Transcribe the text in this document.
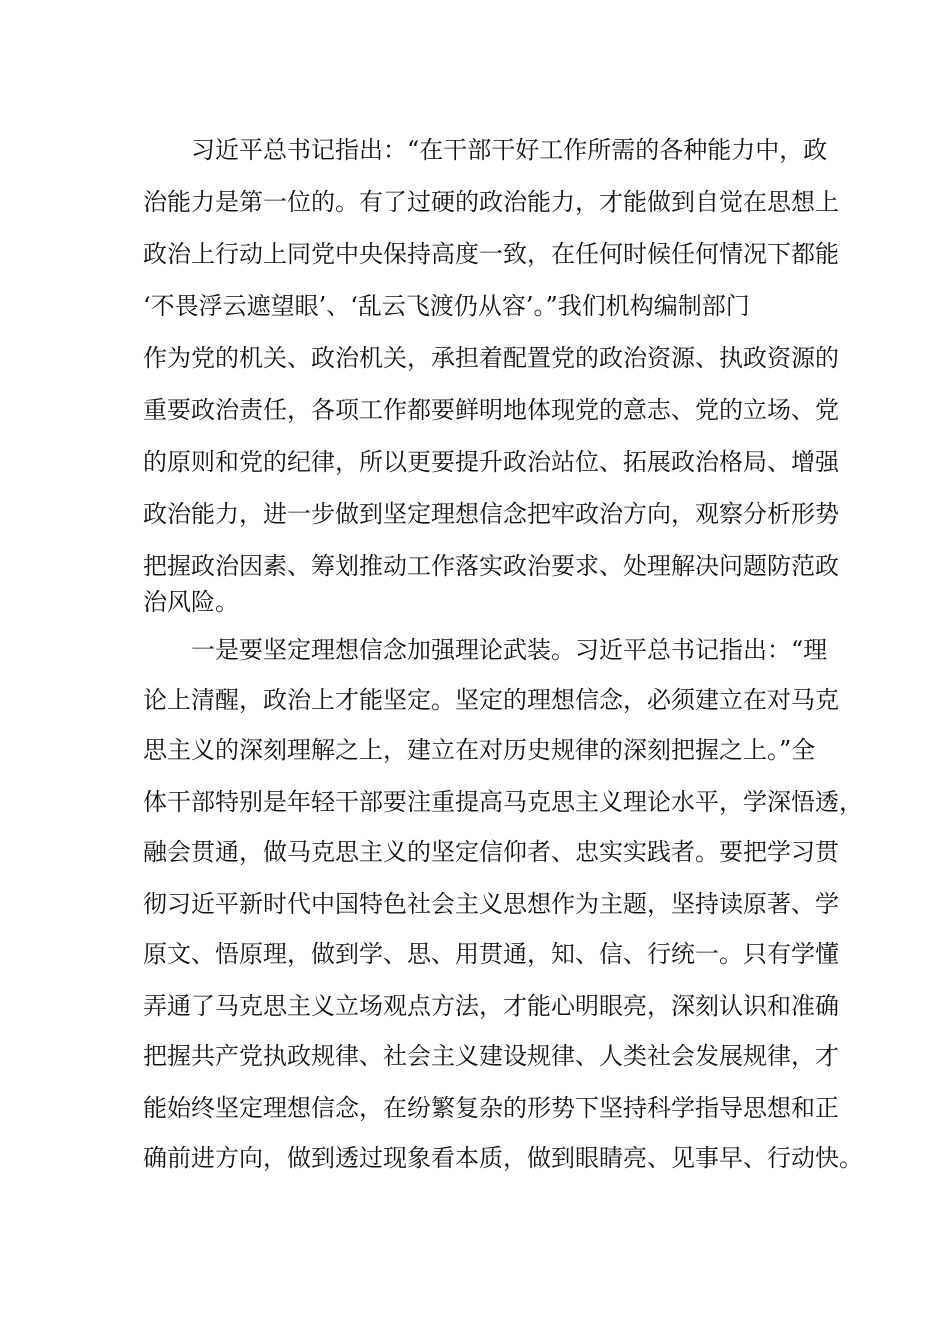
习近平总书记指出：“在干部干好工作所需的各种能力中，政
治能力是第一位的。有了过硬的政治能力，才能做到自觉在思想上
政治上行动上同党中央保持高度一致，在任何时候任何情况下都能
‘不畏浮云遮望眼’、‘乱云飞渡仍从容’。”我们机构编制部门
作为党的机关、政治机关，承担着配置党的政治资源、执政资源的
重要政治责任，各项工作都要鲜明地体现党的意志、党的立场、党
的原则和党的纪律，所以更要提升政治站位、拓展政治格局、增强
政治能力，进一步做到坚定理想信念把牢政治方向，观察分析形势
把握政治因素、筹划推动工作落实政治要求、处理解决问题防范政
治风险。
一是要坚定理想信念加强理论武装。习近平总书记指出：“理
论上清醒，政治上才能坚定。坚定的理想信念，必须建立在对马克
思主义的深刻理解之上，建立在对历史规律的深刻把握之上。”全
体干部特别是年轻干部要注重提高马克思主义理论水平，学深悟透，
融会贯通，做马克思主义的坚定信仰者、忠实实践者。要把学习贯
彻习近平新时代中国特色社会主义思想作为主题，坚持读原著、学
原文、悟原理，做到学、思、用贯通，知、信、行统一。只有学懂
弄通了马克思主义立场观点方法，才能心明眼亮，深刻认识和准确
把握共产党执政规律、社会主义建设规律、人类社会发展规律，才
能始终坚定理想信念，在纷繁复杂的形势下坚持科学指导思想和正
确前进方向，做到透过现象看本质，做到眼睛亮、见事早、行动快。
